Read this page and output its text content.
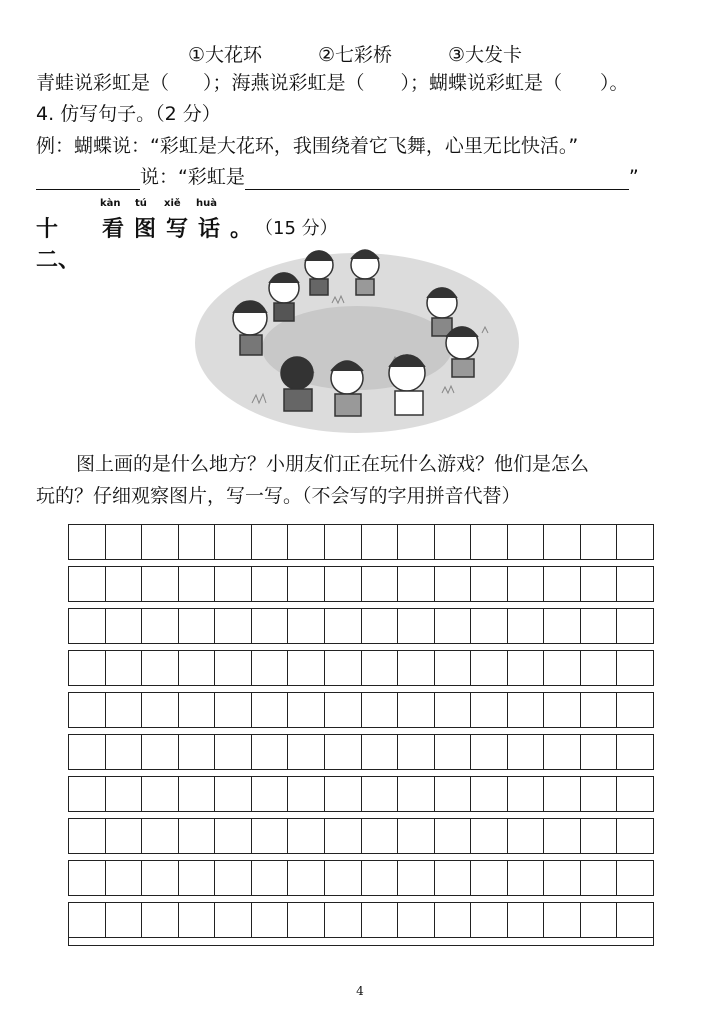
①大花环	②七彩桥	③大发卡
青蛙说彩虹是（ ）；海燕说彩虹是（ ）；蝴蝶说彩虹是（ ）。
4. 仿写句子。（2 分）
例：蝴蝶说：“彩虹是大花环，我围绕着它飞舞，心里无比快活。”
说：“彩虹是	”
十二、
kàn
看
tú
图
xiě
写
huà
话 。 （15 分）
图上画的是什么地方？小朋友们正在玩什么游戏？他们是怎么
玩的？仔细观察图片，写一写。（不会写的字用拼音代替）
4
